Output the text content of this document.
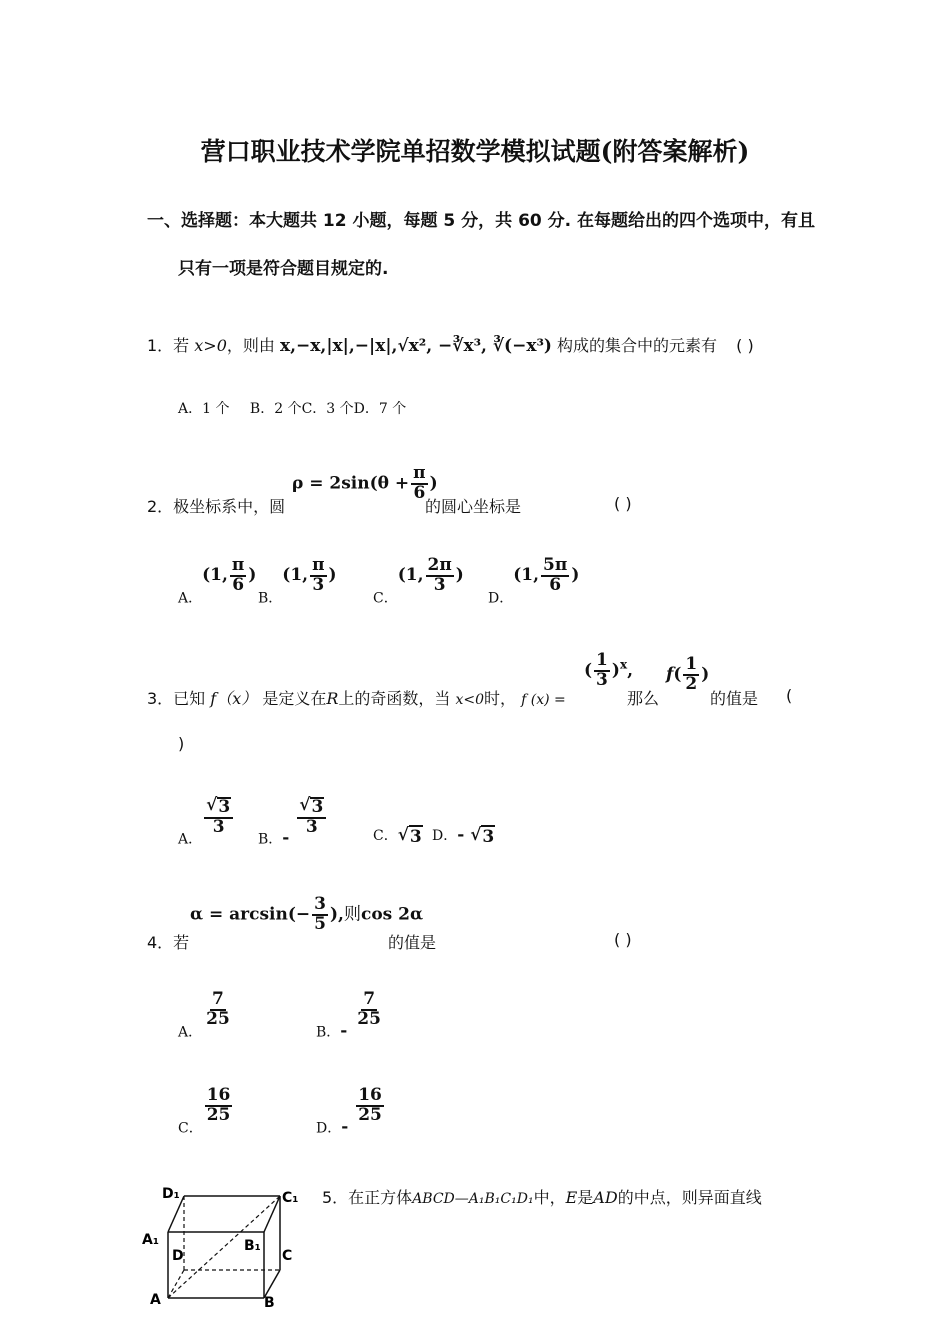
营口职业技术学院单招数学模拟试题(附答案解析)
一、选择题：本大题共 12 小题，每题 5 分，共 60 分. 在每题给出的四个选项中，有且
只有一项是符合题目规定的.
1．若 x>0，则由 x,−x,|x|,−|x|,√x², −∛x³, ∛(−x³) 构成的集合中的元素有 ( )
A．1 个 B．2 个C．3 个D．7 个
2．极坐标系中，圆
$\rho = 2\sin(\theta + \frac{\pi}{6}$ )
的圆心坐标是	( )
A．(1, $\frac{\pi}{6}$ )
B．(1, $\frac{\pi}{3}$ )
C．(1, $\frac{2\pi}{3}$ )
D．(1, $\frac{5\pi}{6}$ )
3．已知 f（x） 是定义在R上的奇函数，当 x<0时， f (x) =
( $\frac{1}{3} )^x$,
那么
$f( \frac{1}{2}$ )
的值是 (
)
A．
$\frac{√ 3}{3}$
B．-
$\frac{√ 3}{3}$	C．√ 3 D．- √ 3
4．若
$\alpha = \arcsin(- \frac{3}{5}$ ),则cos 2α
的值是	( )
A．
$\frac{7}{25}$
B．-
$\frac{7}{25}$
C．
$\frac{16}{25}$
D．-
$\frac{16}{25}$
5．在正方体ABCD—A₁B₁C₁D₁中，E是AD的中点，则异面直线
D₁	C₁
A₁
D
B₁
C
A	B
